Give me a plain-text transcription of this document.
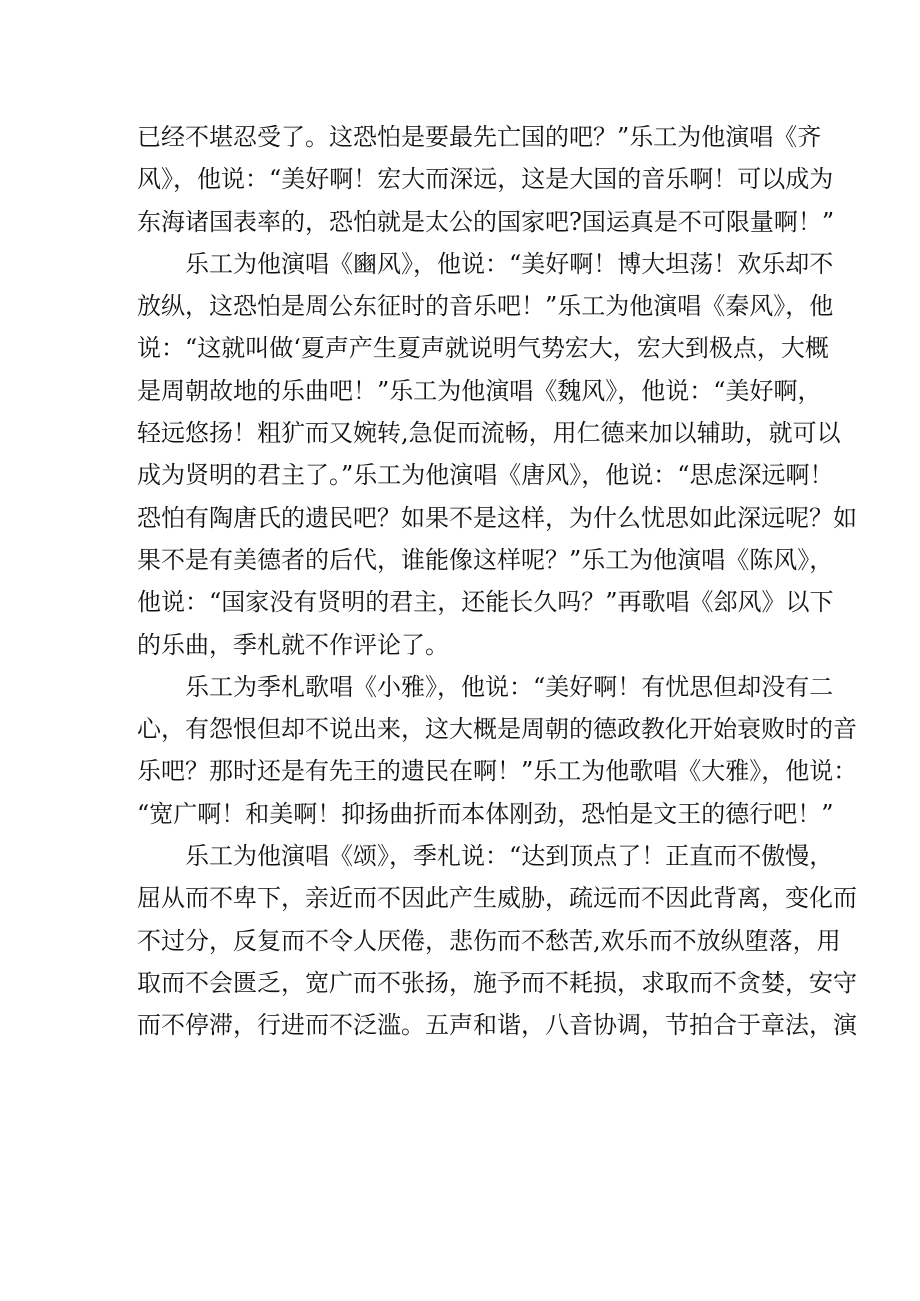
已经不堪忍受了。这恐怕是要最先亡国的吧？”乐工为他演唱《齐
风》，他说：“美好啊！宏大而深远，这是大国的音乐啊！可以成为
东海诸国表率的，恐怕就是太公的国家吧?国运真是不可限量啊！”
乐工为他演唱《豳风》，他说：“美好啊！博大坦荡！欢乐却不
放纵，这恐怕是周公东征时的音乐吧！”乐工为他演唱《秦风》，他
说：“这就叫做‘夏声产生夏声就说明气势宏大，宏大到极点，大概
是周朝故地的乐曲吧！”乐工为他演唱《魏风》，他说：“美好啊，
轻远悠扬！粗犷而又婉转,急促而流畅，用仁德来加以辅助，就可以
成为贤明的君主了。”乐工为他演唱《唐风》，他说：“思虑深远啊！
恐怕有陶唐氏的遗民吧？如果不是这样，为什么忧思如此深远呢？如
果不是有美德者的后代，谁能像这样呢？”乐工为他演唱《陈风》，
他说：“国家没有贤明的君主，还能长久吗？”再歌唱《郐风》以下
的乐曲，季札就不作评论了。
乐工为季札歌唱《小雅》，他说：“美好啊！有忧思但却没有二
心，有怨恨但却不说出来，这大概是周朝的德政教化开始衰败时的音
乐吧？那时还是有先王的遗民在啊！”乐工为他歌唱《大雅》，他说：
“宽广啊！和美啊！抑扬曲折而本体刚劲，恐怕是文王的德行吧！”
乐工为他演唱《颂》，季札说：“达到顶点了！正直而不傲慢，
屈从而不卑下，亲近而不因此产生威胁，疏远而不因此背离，变化而
不过分，反复而不令人厌倦，悲伤而不愁苦,欢乐而不放纵堕落，用
取而不会匮乏，宽广而不张扬，施予而不耗损，求取而不贪婪，安守
而不停滞，行进而不泛滥。五声和谐，八音协调，节拍合于章法，演
